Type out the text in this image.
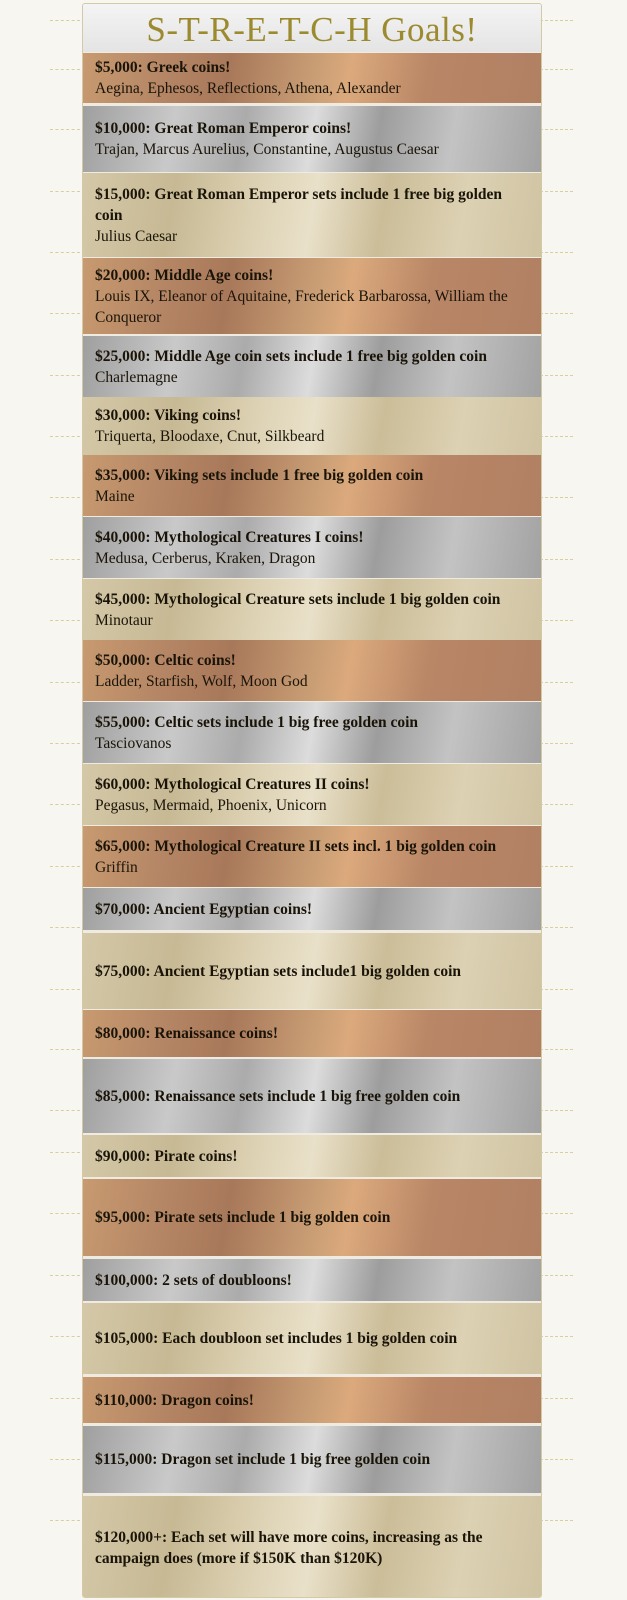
S-T-R-E-T-C-H Goals!
$5,000: Greek coins!
Aegina, Ephesos, Reflections, Athena, Alexander
$10,000: Great Roman Emperor coins!
Trajan, Marcus Aurelius, Constantine, Augustus Caesar
$15,000: Great Roman Emperor sets include 1 free big golden coin
Julius Caesar
$20,000: Middle Age coins!
Louis IX, Eleanor of Aquitaine, Frederick Barbarossa, William the Conqueror
$25,000: Middle Age coin sets include 1 free big golden coin
Charlemagne
$30,000: Viking coins!
Triquerta, Bloodaxe, Cnut, Silkbeard
$35,000: Viking sets include 1 free big golden coin
Maine
$40,000: Mythological Creatures I coins!
Medusa, Cerberus, Kraken, Dragon
$45,000: Mythological Creature sets include 1 big golden coin
Minotaur
$50,000: Celtic coins!
Ladder, Starfish, Wolf, Moon God
$55,000: Celtic sets include 1 big free golden coin
Tasciovanos
$60,000: Mythological Creatures II coins!
Pegasus, Mermaid, Phoenix, Unicorn
$65,000: Mythological Creature II sets incl. 1 big golden coin
Griffin
$70,000: Ancient Egyptian coins!
$75,000: Ancient Egyptian sets include1 big golden coin
$80,000: Renaissance coins!
$85,000: Renaissance sets include 1 big free golden coin
$90,000: Pirate coins!
$95,000: Pirate sets include 1 big golden coin
$100,000: 2 sets of doubloons!
$105,000: Each doubloon set includes 1 big golden coin
$110,000: Dragon coins!
$115,000: Dragon set include 1 big free golden coin
$120,000+: Each set will have more coins, increasing as the campaign does (more if $150K than $120K)
